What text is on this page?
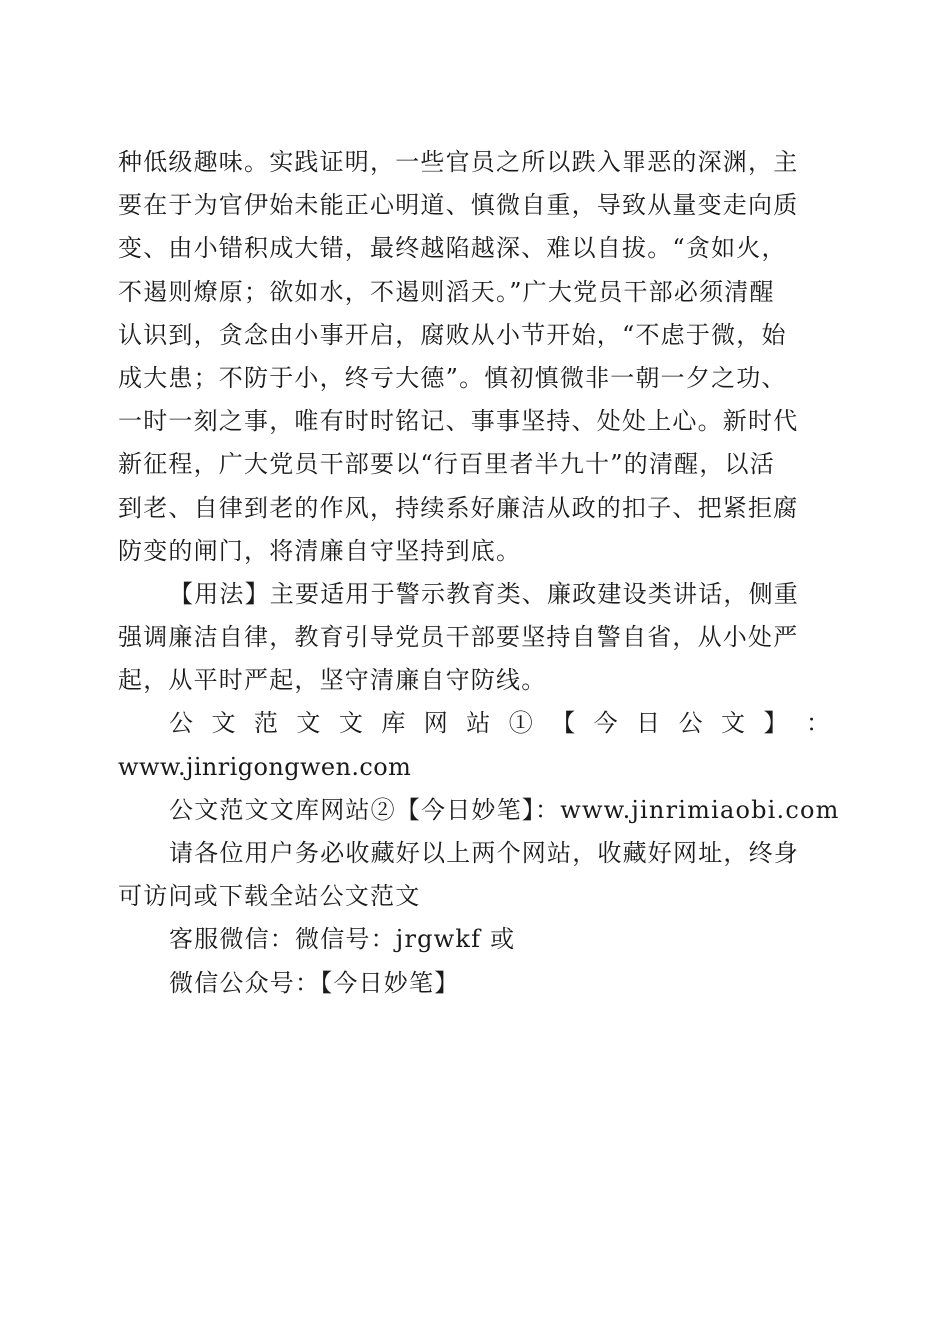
种低级趣味。实践证明，一些官员之所以跌入罪恶的深渊，主
要在于为官伊始未能正心明道、慎微自重，导致从量变走向质
变、由小错积成大错，最终越陷越深、难以自拔。“贪如火，
不遏则燎原；欲如水，不遏则滔天。”广大党员干部必须清醒
认识到，贪念由小事开启，腐败从小节开始，“不虑于微，始
成大患；不防于小，终亏大德”。慎初慎微非一朝一夕之功、
一时一刻之事，唯有时时铭记、事事坚持、处处上心。新时代
新征程，广大党员干部要以“行百里者半九十”的清醒，以活
到老、自律到老的作风，持续系好廉洁从政的扣子、把紧拒腐
防变的闸门，将清廉自守坚持到底。
【用法】主要适用于警示教育类、廉政建设类讲话，侧重
强调廉洁自律，教育引导党员干部要坚持自警自省，从小处严
起，从平时严起，坚守清廉自守防线。
公 文 范 文 文 库 网 站 ① 【 今 日 公 文 】 ：
www.jinrigongwen.com
公文范文文库网站②【今日妙笔】：www.jinrimiaobi.com
请各位用户务必收藏好以上两个网站，收藏好网址，终身
可访问或下载全站公文范文
客服微信：微信号：jrgwkf 或
微信公众号：【今日妙笔】
